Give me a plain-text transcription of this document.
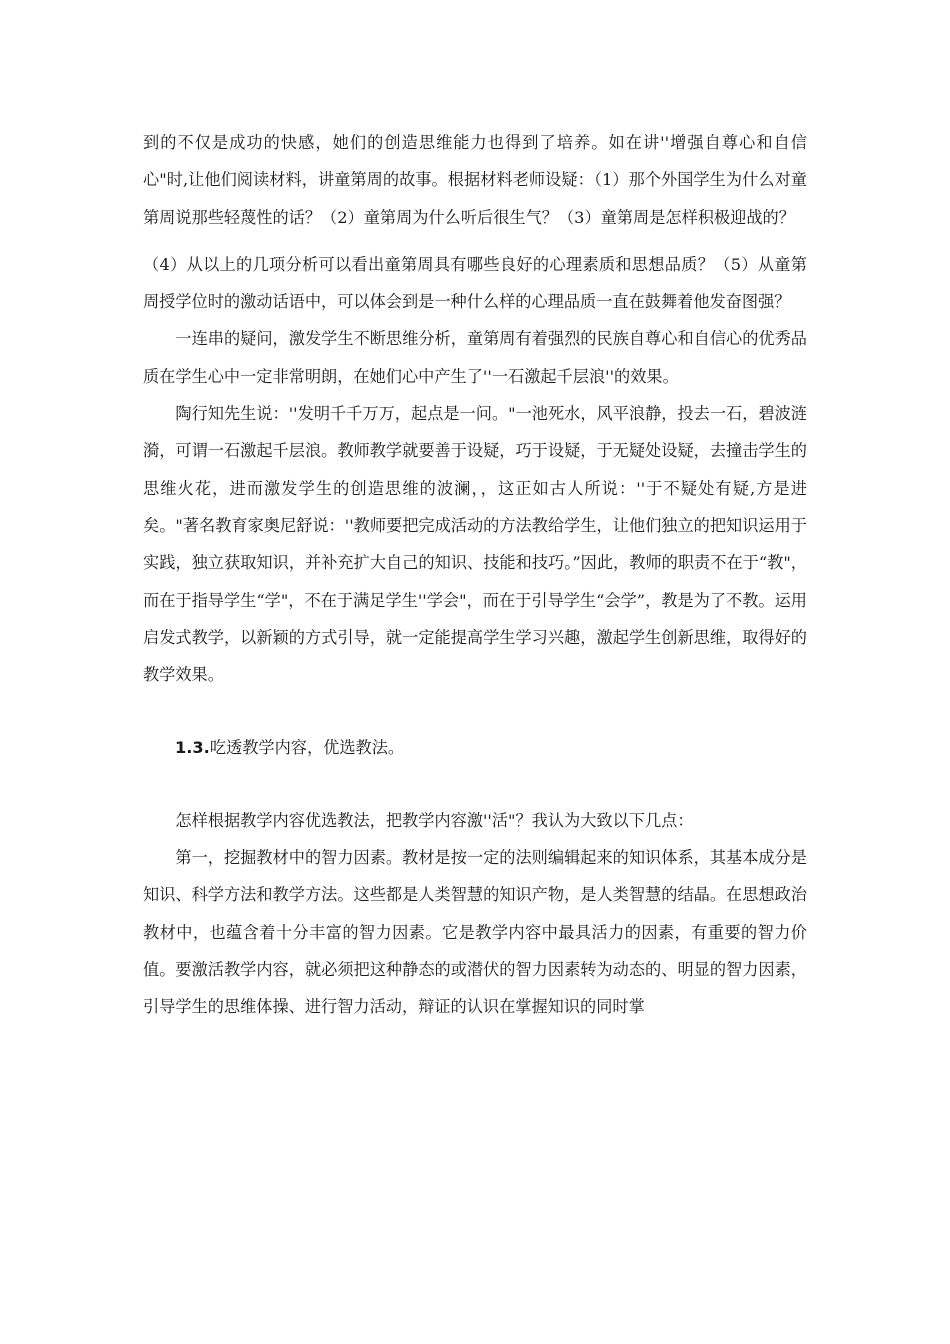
到的不仅是成功的快感，她们的创造思维能力也得到了培养。如在讲''增强自尊心和自信心"时,让他们阅读材料，讲童第周的故事。根据材料老师设疑：（1）那个外国学生为什么对童第周说那些轻蔑性的话？（2）童第周为什么听后很生气？（3）童第周是怎样积极迎战的？

（4）从以上的几项分析可以看出童第周具有哪些良好的心理素质和思想品质？（5）从童第周授学位时的激动话语中，可以体会到是一种什么样的心理品质一直在鼓舞着他发奋图强？

一连串的疑问，激发学生不断思维分析，童第周有着强烈的民族自尊心和自信心的优秀品质在学生心中一定非常明朗，在她们心中产生了''一石激起千层浪''的效果。

陶行知先生说：''发明千千万万，起点是一问。"一池死水，风平浪静，投去一石，碧波涟漪，可谓一石激起千层浪。教师教学就要善于设疑，巧于设疑，于无疑处设疑，去撞击学生的思维火花，进而激发学生的创造思维的波澜，，这正如古人所说：''于不疑处有疑,方是进矣。"著名教育家奥尼舒说：''教师要把完成活动的方法教给学生，让他们独立的把知识运用于实践，独立获取知识，并补充扩大自己的知识、技能和技巧。”因此，教师的职责不在于“教"，而在于指导学生“学"，不在于满足学生''学会"，而在于引导学生“会学”，教是为了不教。运用启发式教学，以新颖的方式引导，就一定能提高学生学习兴趣，激起学生创新思维，取得好的教学效果。

1.3.吃透教学内容，优选教法。

怎样根据教学内容优选教法，把教学内容激''活"？我认为大致以下几点：

第一，挖掘教材中的智力因素。教材是按一定的法则编辑起来的知识体系，其基本成分是知识、科学方法和教学方法。这些都是人类智慧的知识产物，是人类智慧的结晶。在思想政治教材中，也蕴含着十分丰富的智力因素。它是教学内容中最具活力的因素，有重要的智力价值。要激活教学内容，就必须把这种静态的或潜伏的智力因素转为动态的、明显的智力因素，引导学生的思维体操、进行智力活动，辩证的认识在掌握知识的同时掌
